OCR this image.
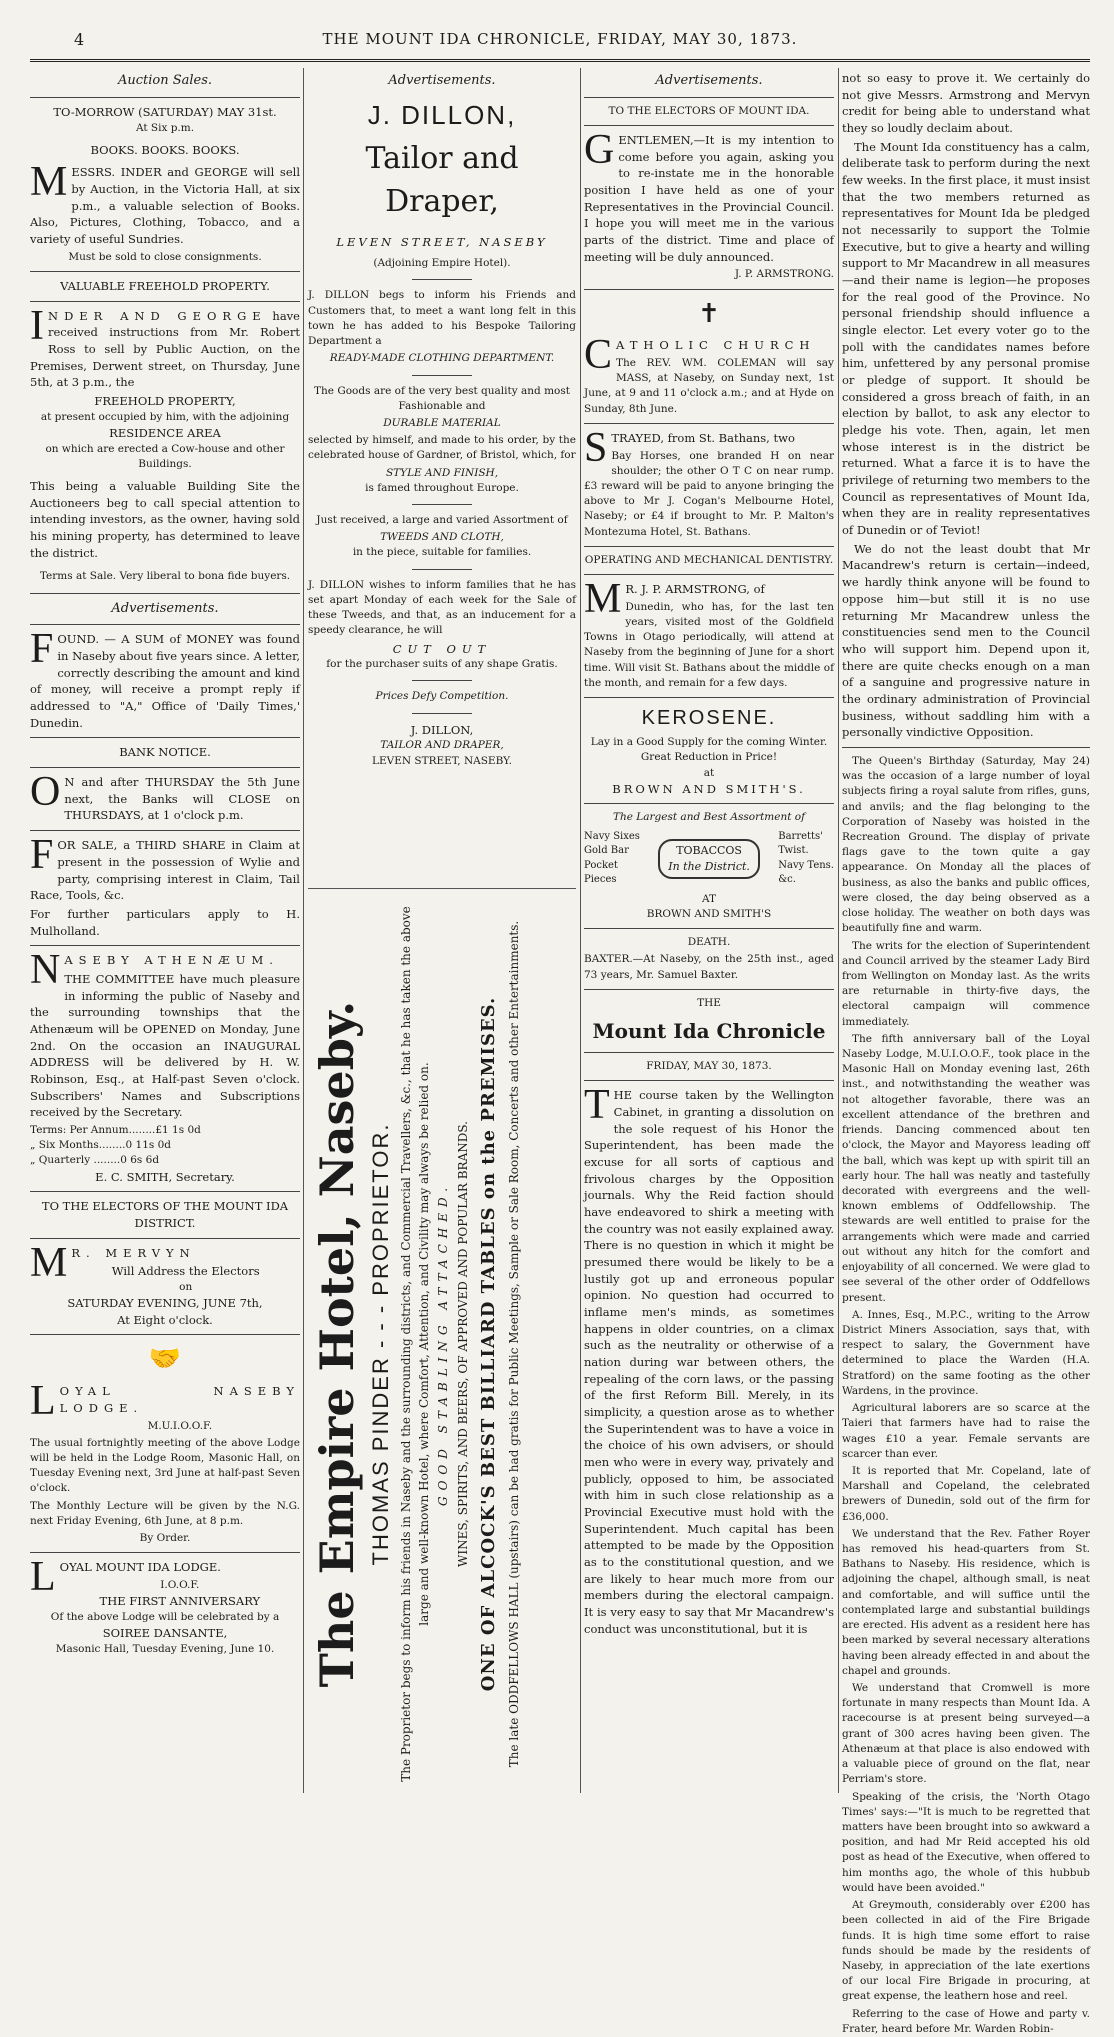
4	THE MOUNT IDA CHRONICLE, FRIDAY, MAY 30, 1873.
Auction Sales.
TO-MORROW (SATURDAY) MAY 31st.
At Six p.m.
BOOKS. BOOKS. BOOKS.

MESSRS. INDER and GEORGE will sell by Auction, in the Victoria Hall, at six p.m., a valuable selection of Books. Also, Pictures, Clothing, Tobacco, and a variety of useful Sundries.

Must be sold to close consignments.
VALUABLE FREEHOLD PROPERTY.

INDER AND GEORGE have received instructions from Mr. Robert Ross to sell by Public Auction, on the Premises, Derwent street, on Thursday, June 5th, at 3 p.m., the

FREEHOLD PROPERTY,
at present occupied by him, with the adjoining
RESIDENCE AREA
on which are erected a Cow-house and other Buildings.

This being a valuable Building Site the Auctioneers beg to call special attention to intending investors, as the owner, having sold his mining property, has determined to leave the district.

Terms at Sale. Very liberal to bona fide buyers.
Advertisements.

FOUND. — A SUM of MONEY was found in Naseby about five years since. A letter, correctly describing the amount and kind of money, will receive a prompt reply if addressed to "A," Office of 'Daily Times,' Dunedin.

BANK NOTICE.

O N and after THURSDAY the 5th June next, the Banks will CLOSE on THURSDAYS, at 1 o'clock p.m.

FOR SALE, a THIRD SHARE in Claim at present in the possession of Wylie and party, comprising interest in Claim, Tail Race, Tools, &c.

For further particulars apply to H. Mulholland.

NASEBY ATHENÆUM.

THE COMMITTEE have much pleasure in informing the public of Naseby and the surrounding townships that the Athenæum will be OPENED on Monday, June 2nd. On the occasion an INAUGURAL ADDRESS will be delivered by H. W. Robinson, Esq., at Half-past Seven o'clock. Subscribers' Names and Subscriptions received by the Secretary.

Terms: Per Annum........£1 1s 0d
„ Six Months........0 11s 0d
„ Quarterly ........0 6s 6d
E. C. SMITH, Secretary.
TO THE ELECTORS OF THE MOUNT IDA DISTRICT.

M R. MERVYN

Will Address the Electors
on
SATURDAY EVENING, JUNE 7th,
At Eight o'clock.
🤝

LOYAL NASEBY LODGE.

M.U.I.O.O.F.

The usual fortnightly meeting of the above Lodge will be held in the Lodge Room, Masonic Hall, on Tuesday Evening next, 3rd June at half-past Seven o'clock.

The Monthly Lecture will be given by the N.G. next Friday Evening, 6th June, at 8 p.m.

By Order.

LOYAL MOUNT IDA LODGE.

I.O.O.F.
THE FIRST ANNIVERSARY
Of the above Lodge will be celebrated by a
SOIREE DANSANTE,
Masonic Hall, Tuesday Evening, June 10.
Advertisements.
J. DILLON,
Tailor and Draper,
LEVEN STREET, NASEBY
(Adjoining Empire Hotel).

J. DILLON begs to inform his Friends and Customers that, to meet a want long felt in this town he has added to his Bespoke Tailoring Department a

READY-MADE CLOTHING DEPARTMENT.

The Goods are of the very best quality and most Fashionable and

DURABLE MATERIAL

selected by himself, and made to his order, by the celebrated house of Gardner, of Bristol, which, for

STYLE AND FINISH,
is famed throughout Europe.

Just received, a large and varied Assortment of

TWEEDS AND CLOTH,
in the piece, suitable for families.

J. DILLON wishes to inform families that he has set apart Monday of each week for the Sale of these Tweeds, and that, as an inducement for a speedy clearance, he will

CUT OUT
for the purchaser suits of any shape Gratis.
Prices Defy Competition.
J. DILLON,
TAILOR AND DRAPER,
LEVEN STREET, NASEBY.
The Empire Hotel, Naseby. THOMAS PINDER - - - PROPRIETOR. The Proprietor begs to inform his friends in Naseby and the surrounding districts, and Commercial Travellers, &c., that he has taken the above large and well-known Hotel, where Comfort, Attention, and Civility may always be relied on. GOOD STABLING ATTACHED. WINES, SPIRITS, AND BEERS, OF APPROVED AND POPULAR BRANDS. ONE OF ALCOCK'S BEST BILLIARD TABLES on the PREMISES. The late ODDFELLOWS HALL (upstairs) can be had gratis for Public Meetings, Sample or Sale Room, Concerts and other Entertainments.
Advertisements.
TO THE ELECTORS OF MOUNT IDA.

GENTLEMEN,—It is my intention to come before you again, asking you to re-instate me in the honorable position I have held as one of your Representatives in the Provincial Council. I hope you will meet me in the various parts of the district. Time and place of meeting will be duly announced.

J. P. ARMSTRONG.
✝

CATHOLIC CHURCH

The REV. WM. COLEMAN will say MASS, at Naseby, on Sunday next, 1st June, at 9 and 11 o'clock a.m.; and at Hyde on Sunday, 8th June.

STRAYED, from St. Bathans, two

Bay Horses, one branded H on near shoulder; the other O T C on near rump. £3 reward will be paid to anyone bringing the above to Mr J. Cogan's Melbourne Hotel, Naseby; or £4 if brought to Mr. P. Malton's Montezuma Hotel, St. Bathans.

OPERATING AND MECHANICAL DENTISTRY.

M R. J. P. ARMSTRONG, of

Dunedin, who has, for the last ten years, visited most of the Goldfield Towns in Otago periodically, will attend at Naseby from the beginning of June for a short time. Will visit St. Bathans about the middle of the month, and remain for a few days.

KEROSENE.
Lay in a Good Supply for the coming Winter. Great Reduction in Price!
at
BROWN AND SMITH'S.
The Largest and Best Assortment of
Navy Sixes
Gold Bar
Pocket
Pieces
TOBACCOS
In the District.
Barretts'
Twist.
Navy Tens.
&c.
AT
BROWN AND SMITH'S
DEATH.

BAXTER.—At Naseby, on the 25th inst., aged 73 years, Mr. Samuel Baxter.

THE
Mount Ida Chronicle
FRIDAY, MAY 30, 1873.

THE course taken by the Wellington Cabinet, in granting a dissolution on the sole request of his Honor the Superintendent, has been made the excuse for all sorts of captious and frivolous charges by the Opposition journals. Why the Reid faction should have endeavored to shirk a meeting with the country was not easily explained away. There is no question in which it might be presumed there would be likely to be a lustily got up and erroneous popular opinion. No question had occurred to inflame men's minds, as sometimes happens in older countries, on a climax such as the neutrality or otherwise of a nation during war between others, the repealing of the corn laws, or the passing of the first Reform Bill. Merely, in its simplicity, a question arose as to whether the Superintendent was to have a voice in the choice of his own advisers, or should men who were in every way, privately and publicly, opposed to him, be associated with him in such close relationship as a Provincial Executive must hold with the Superintendent. Much capital has been attempted to be made by the Opposition as to the constitutional question, and we are likely to hear much more from our members during the electoral campaign. It is very easy to say that Mr Macandrew's conduct was unconstitutional, but it is

not so easy to prove it. We certainly do not give Messrs. Armstrong and Mervyn credit for being able to understand what they so loudly declaim about.

The Mount Ida constituency has a calm, deliberate task to perform during the next few weeks. In the first place, it must insist that the two members returned as representatives for Mount Ida be pledged not necessarily to support the Tolmie Executive, but to give a hearty and willing support to Mr Macandrew in all measures—and their name is legion—he proposes for the real good of the Province. No personal friendship should influence a single elector. Let every voter go to the poll with the candidates names before him, unfettered by any personal promise or pledge of support. It should be considered a gross breach of faith, in an election by ballot, to ask any elector to pledge his vote. Then, again, let men whose interest is in the district be returned. What a farce it is to have the privilege of returning two members to the Council as representatives of Mount Ida, when they are in reality representatives of Dunedin or of Teviot!

We do not the least doubt that Mr Macandrew's return is certain—indeed, we hardly think anyone will be found to oppose him—but still it is no use returning Mr Macandrew unless the constituencies send men to the Council who will support him. Depend upon it, there are quite checks enough on a man of a sanguine and progressive nature in the ordinary administration of Provincial business, without saddling him with a personally vindictive Opposition.

The Queen's Birthday (Saturday, May 24) was the occasion of a large number of loyal subjects firing a royal salute from rifles, guns, and anvils; and the flag belonging to the Corporation of Naseby was hoisted in the Recreation Ground. The display of private flags gave to the town quite a gay appearance. On Monday all the places of business, as also the banks and public offices, were closed, the day being observed as a close holiday. The weather on both days was beautifully fine and warm.

The writs for the election of Superintendent and Council arrived by the steamer Lady Bird from Wellington on Monday last. As the writs are returnable in thirty-five days, the electoral campaign will commence immediately.

The fifth anniversary ball of the Loyal Naseby Lodge, M.U.I.O.O.F., took place in the Masonic Hall on Monday evening last, 26th inst., and notwithstanding the weather was not altogether favorable, there was an excellent attendance of the brethren and friends. Dancing commenced about ten o'clock, the Mayor and Mayoress leading off the ball, which was kept up with spirit till an early hour. The hall was neatly and tastefully decorated with evergreens and the well-known emblems of Oddfellowship. The stewards are well entitled to praise for the arrangements which were made and carried out without any hitch for the comfort and enjoyability of all concerned. We were glad to see several of the other order of Oddfellows present.

A. Innes, Esq., M.P.C., writing to the Arrow District Miners Association, says that, with respect to salary, the Government have determined to place the Warden (H.A. Stratford) on the same footing as the other Wardens, in the province.

Agricultural laborers are so scarce at the Taieri that farmers have had to raise the wages £10 a year. Female servants are scarcer than ever.

It is reported that Mr. Copeland, late of Marshall and Copeland, the celebrated brewers of Dunedin, sold out of the firm for £36,000.

We understand that the Rev. Father Royer has removed his head-quarters from St. Bathans to Naseby. His residence, which is adjoining the chapel, although small, is neat and comfortable, and will suffice until the contemplated large and substantial buildings are erected. His advent as a resident here has been marked by several necessary alterations having been already effected in and about the chapel and grounds.

We understand that Cromwell is more fortunate in many respects than Mount Ida. A racecourse is at present being surveyed—a grant of 300 acres having been given. The Athenæum at that place is also endowed with a valuable piece of ground on the flat, near Perriam's store.

Speaking of the crisis, the 'North Otago Times' says:—"It is much to be regretted that matters have been brought into so awkward a position, and had Mr Reid accepted his old post as head of the Executive, when offered to him months ago, the whole of this hubbub would have been avoided."

At Greymouth, considerably over £200 has been collected in aid of the Fire Brigade funds. It is high time some effort to raise funds should be made by the residents of Naseby, in appreciation of the late exertions of our local Fire Brigade in procuring, at great expense, the leathern hose and reel.

Referring to the case of Howe and party v. Frater, heard before Mr. Warden Robin-
